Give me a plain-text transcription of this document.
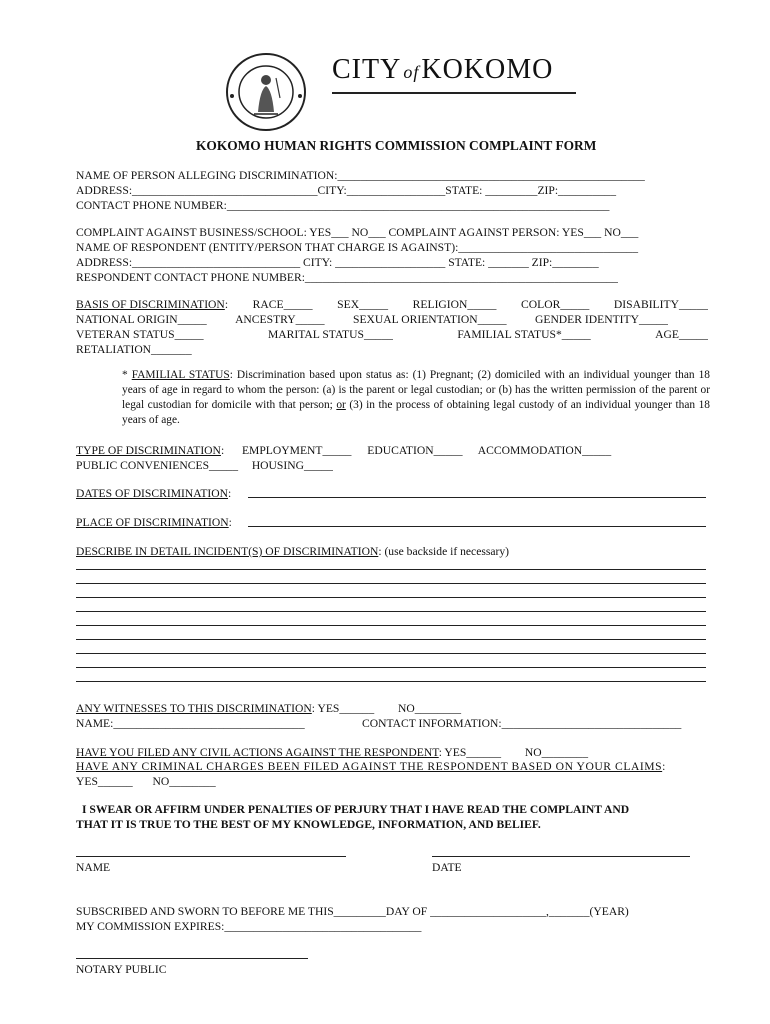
CITY ofKOKOMO
KOKOMO HUMAN RIGHTS COMMISSION COMPLAINT FORM
NAME OF PERSON ALLEGING DISCRIMINATION:_____________________________________________________
ADDRESS:________________________________CITY:_________________STATE: _________ZIP:__________
CONTACT PHONE NUMBER:__________________________________________________________________
COMPLAINT AGAINST BUSINESS/SCHOOL: YES___ NO___ COMPLAINT AGAINST PERSON: YES___ NO___
NAME OF RESPONDENT (ENTITY/PERSON THAT CHARGE IS AGAINST):_______________________________
ADDRESS:_____________________________ CITY: ___________________ STATE: _______ ZIP:________
RESPONDENT CONTACT PHONE NUMBER:______________________________________________________
BASIS OF DISCRIMINATION: RACE_____ SEX_____ RELIGION_____ COLOR_____ DISABILITY_____
NATIONAL ORIGIN_____ ANCESTRY_____ SEXUAL ORIENTATION_____ GENDER IDENTITY_____
VETERAN STATUS_____	MARITAL STATUS_____	FAMILIAL STATUS*_____	AGE_____
RETALIATION_______
* FAMILIAL STATUS: Discrimination based upon status as: (1) Pregnant; (2) domiciled with an individual younger than 18 years of age in regard to whom the person: (a) is the parent or legal custodian; or (b) has the written permission of the parent or legal custodian for domicile with that person; or (3) in the process of obtaining legal custody of an individual younger than 18 years of age.
TYPE OF DISCRIMINATION:  EMPLOYMENT_____ EDUCATION_____ ACCOMMODATION_____
PUBLIC CONVENIENCES_____ HOUSING_____
DATES OF DISCRIMINATION:
PLACE OF DISCRIMINATION:
DESCRIBE IN DETAIL INCIDENT(S) OF DISCRIMINATION: (use backside if necessary)
ANY WITNESSES TO THIS DISCRIMINATION: YES______ NO________
NAME:_________________________________	CONTACT INFORMATION:_______________________________
HAVE YOU FILED ANY CIVIL ACTIONS AGAINST THE RESPONDENT: YES______ NO________
HAVE ANY CRIMINAL CHARGES BEEN FILED AGAINST THE RESPONDENT BASED ON YOUR CLAIMS:
YES______ NO________
I SWEAR OR AFFIRM UNDER PENALTIES OF PERJURY THAT I HAVE READ THE COMPLAINT AND
THAT IT IS TRUE TO THE BEST OF MY KNOWLEDGE, INFORMATION, AND BELIEF.
NAME	DATE
SUBSCRIBED AND SWORN TO BEFORE ME THIS_________DAY OF ____________________,_______(YEAR)
MY COMMISSION EXPIRES:__________________________________
NOTARY PUBLIC
